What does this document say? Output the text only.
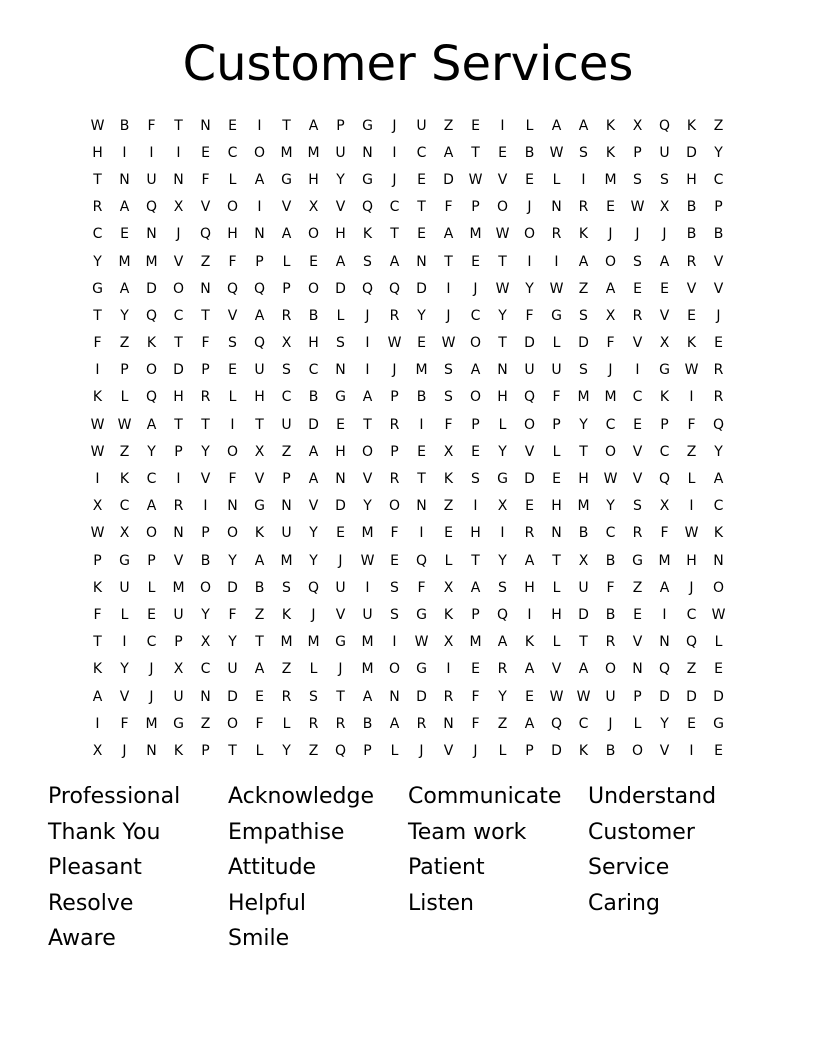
Customer Services
W	B	F	T	N	E	I	T	A	P	G	J	U	Z	E	I	L	A	A	K	X	Q	K	Z
H	I	I	I	E	C	O	M	M	U	N	I	C	A	T	E	B	W	S	K	P	U	D	Y
T	N	U	N	F	L	A	G	H	Y	G	J	E	D	W	V	E	L	I	M	S	S	H	C
R	A	Q	X	V	O	I	V	X	V	Q	C	T	F	P	O	J	N	R	E	W	X	B	P
C	E	N	J	Q	H	N	A	O	H	K	T	E	A	M	W	O	R	K	J	J	J	B	B
Y	M	M	V	Z	F	P	L	E	A	S	A	N	T	E	T	I	I	A	O	S	A	R	V
G	A	D	O	N	Q	Q	P	O	D	Q	Q	D	I	J	W	Y	W	Z	A	E	E	V	V
T	Y	Q	C	T	V	A	R	B	L	J	R	Y	J	C	Y	F	G	S	X	R	V	E	J
F	Z	K	T	F	S	Q	X	H	S	I	W	E	W	O	T	D	L	D	F	V	X	K	E
I	P	O	D	P	E	U	S	C	N	I	J	M	S	A	N	U	U	S	J	I	G	W	R
K	L	Q	H	R	L	H	C	B	G	A	P	B	S	O	H	Q	F	M	M	C	K	I	R
W W	A	T	T	I	T	U	D	E	T	R	I	F	P	L	O	P	Y	C	E	P	F	Q
W	Z	Y	P	Y	O	X	Z	A	H	O	P	E	X	E	Y	V	L	T	O	V	C	Z	Y
I	K	C	I	V	F	V	P	A	N	V	R	T	K	S	G	D	E	H	W	V	Q	L	A
X	C	A	R	I	N	G	N	V	D	Y	O	N	Z	I	X	E	H	M	Y	S	X	I	C
W	X	O	N	P	O	K	U	Y	E	M	F	I	E	H	I	R	N	B	C	R	F	W	K
P	G	P	V	B	Y	A	M	Y	J	W	E	Q	L	T	Y	A	T	X	B	G	M	H	N
K	U	L	M	O	D	B	S	Q	U	I	S	F	X	A	S	H	L	U	F	Z	A	J	O
F	L	E	U	Y	F	Z	K	J	V	U	S	G	K	P	Q	I	H	D	B	E	I	C	W
T	I	C	P	X	Y	T	M	M	G	M	I	W	X	M	A	K	L	T	R	V	N	Q	L
K	Y	J	X	C	U	A	Z	L	J	M	O	G	I	E	R	A	V	A	O	N	Q	Z	E
A	V	J	U	N	D	E	R	S	T	A	N	D	R	F	Y	E	W W	U	P	D	D	D
I	F	M	G	Z	O	F	L	R	R	B	A	R	N	F	Z	A	Q	C	J	L	Y	E	G
X	J	N	K	P	T	L	Y	Z	Q	P	L	J	V	J	L	P	D	K	B	O	V	I	E
Professional	Acknowledge	Communicate	Understand
Thank You	Empathise	Team work	Customer
Pleasant	Attitude	Patient	Service
Resolve	Helpful	Listen	Caring
Aware	Smile
